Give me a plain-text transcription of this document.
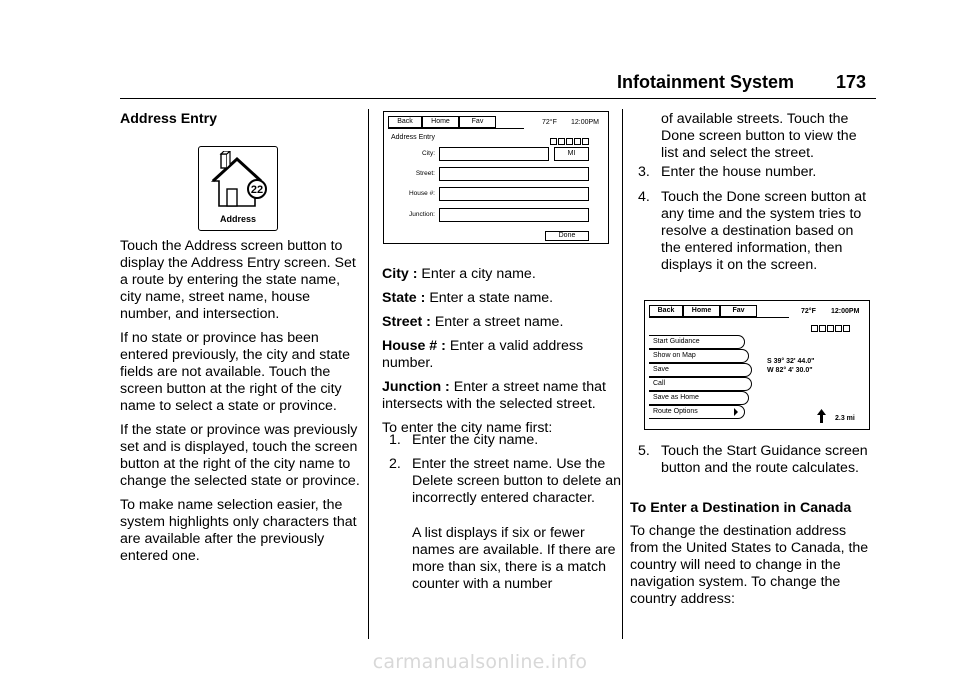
Infotainment System 173
Address Entry
22
Address

Touch the Address screen button to display the Address Entry screen. Set a route by entering the state name, city name, street name, house number, and intersection.

If no state or province has been entered previously, the city and state fields are not available. Touch the screen button at the right of the city name to select a state or province.

If the state or province was previously set and is displayed, touch the screen button at the right of the city name to change the selected state or province.

To make name selection easier, the system highlights only characters that are available after the previously entered one.

Back	Home	Fav	72°F 12:00PM
Address Entry
City:	MI
Street:
House #:
Junction:
Done

City : Enter a city name.

State : Enter a state name.

Street : Enter a street name.

House # : Enter a valid address number.

Junction : Enter a street name that intersects with the selected street.

To enter the city name first:

1. Enter the city name.
2. Enter the street name. Use the Delete screen button to delete an incorrectly entered character.
A list displays if six or fewer names are available. If there are more than six, there is a match counter with a number
of available streets. Touch the Done screen button to view the list and select the street.
3. Enter the house number.
4. Touch the Done screen button at any time and the system tries to resolve a destination based on the entered information, then displays it on the screen.
Back	Home	Fav	72°F 12:00PM
Start Guidance
Show on Map
Save
Call
Save as Home
Route Options
S 39° 32' 44.0"
W 82° 4' 30.0"
2.3 mi
5. Touch the Start Guidance screen button and the route calculates.
To Enter a Destination in Canada
To change the destination address from the United States to Canada, the country will need to change in the navigation system. To change the country address:
carmanualsonline.info
